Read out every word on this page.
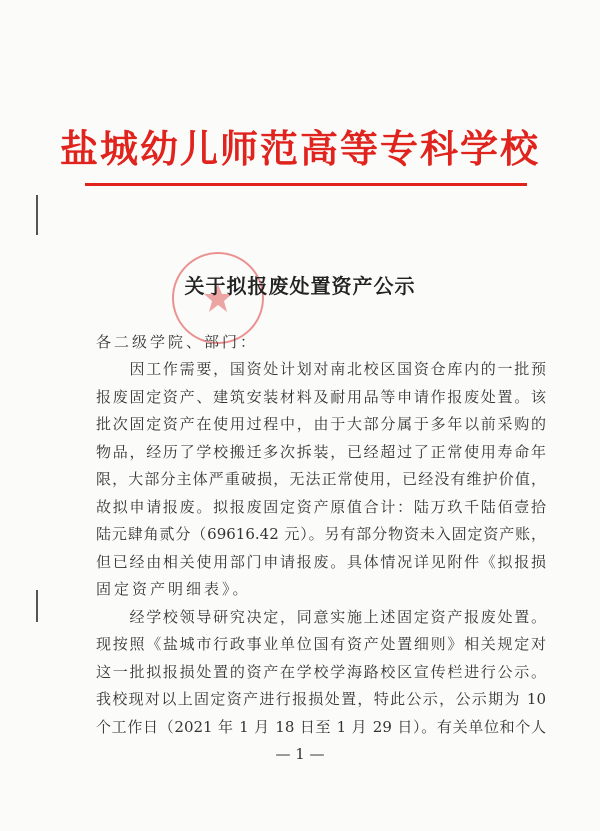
盐城幼儿师范高等专科学校
关于拟报废处置资产公示
各二级学院、部门：
　　因工作需要，国资处计划对南北校区国资仓库内的一批预
报废固定资产、建筑安装材料及耐用品等申请作报废处置。该
批次固定资产在使用过程中，由于大部分属于多年以前采购的
物品，经历了学校搬迁多次拆装，已经超过了正常使用寿命年
限，大部分主体严重破损，无法正常使用，已经没有维护价值，
故拟申请报废。拟报废固定资产原值合计：陆万玖千陆佰壹拾
陆元肆角贰分（69616.42 元）。另有部分物资未入固定资产账，
但已经由相关使用部门申请报废。具体情况详见附件《拟报损
固定资产明细表》。
　　经学校领导研究决定，同意实施上述固定资产报废处置。
现按照《盐城市行政事业单位国有资产处置细则》相关规定对
这一批拟报损处置的资产在学校学海路校区宣传栏进行公示。
我校现对以上固定资产进行报损处置，特此公示，公示期为 10
个工作日（2021 年 1 月 18 日至 1 月 29 日）。有关单位和个人
— 1 —
